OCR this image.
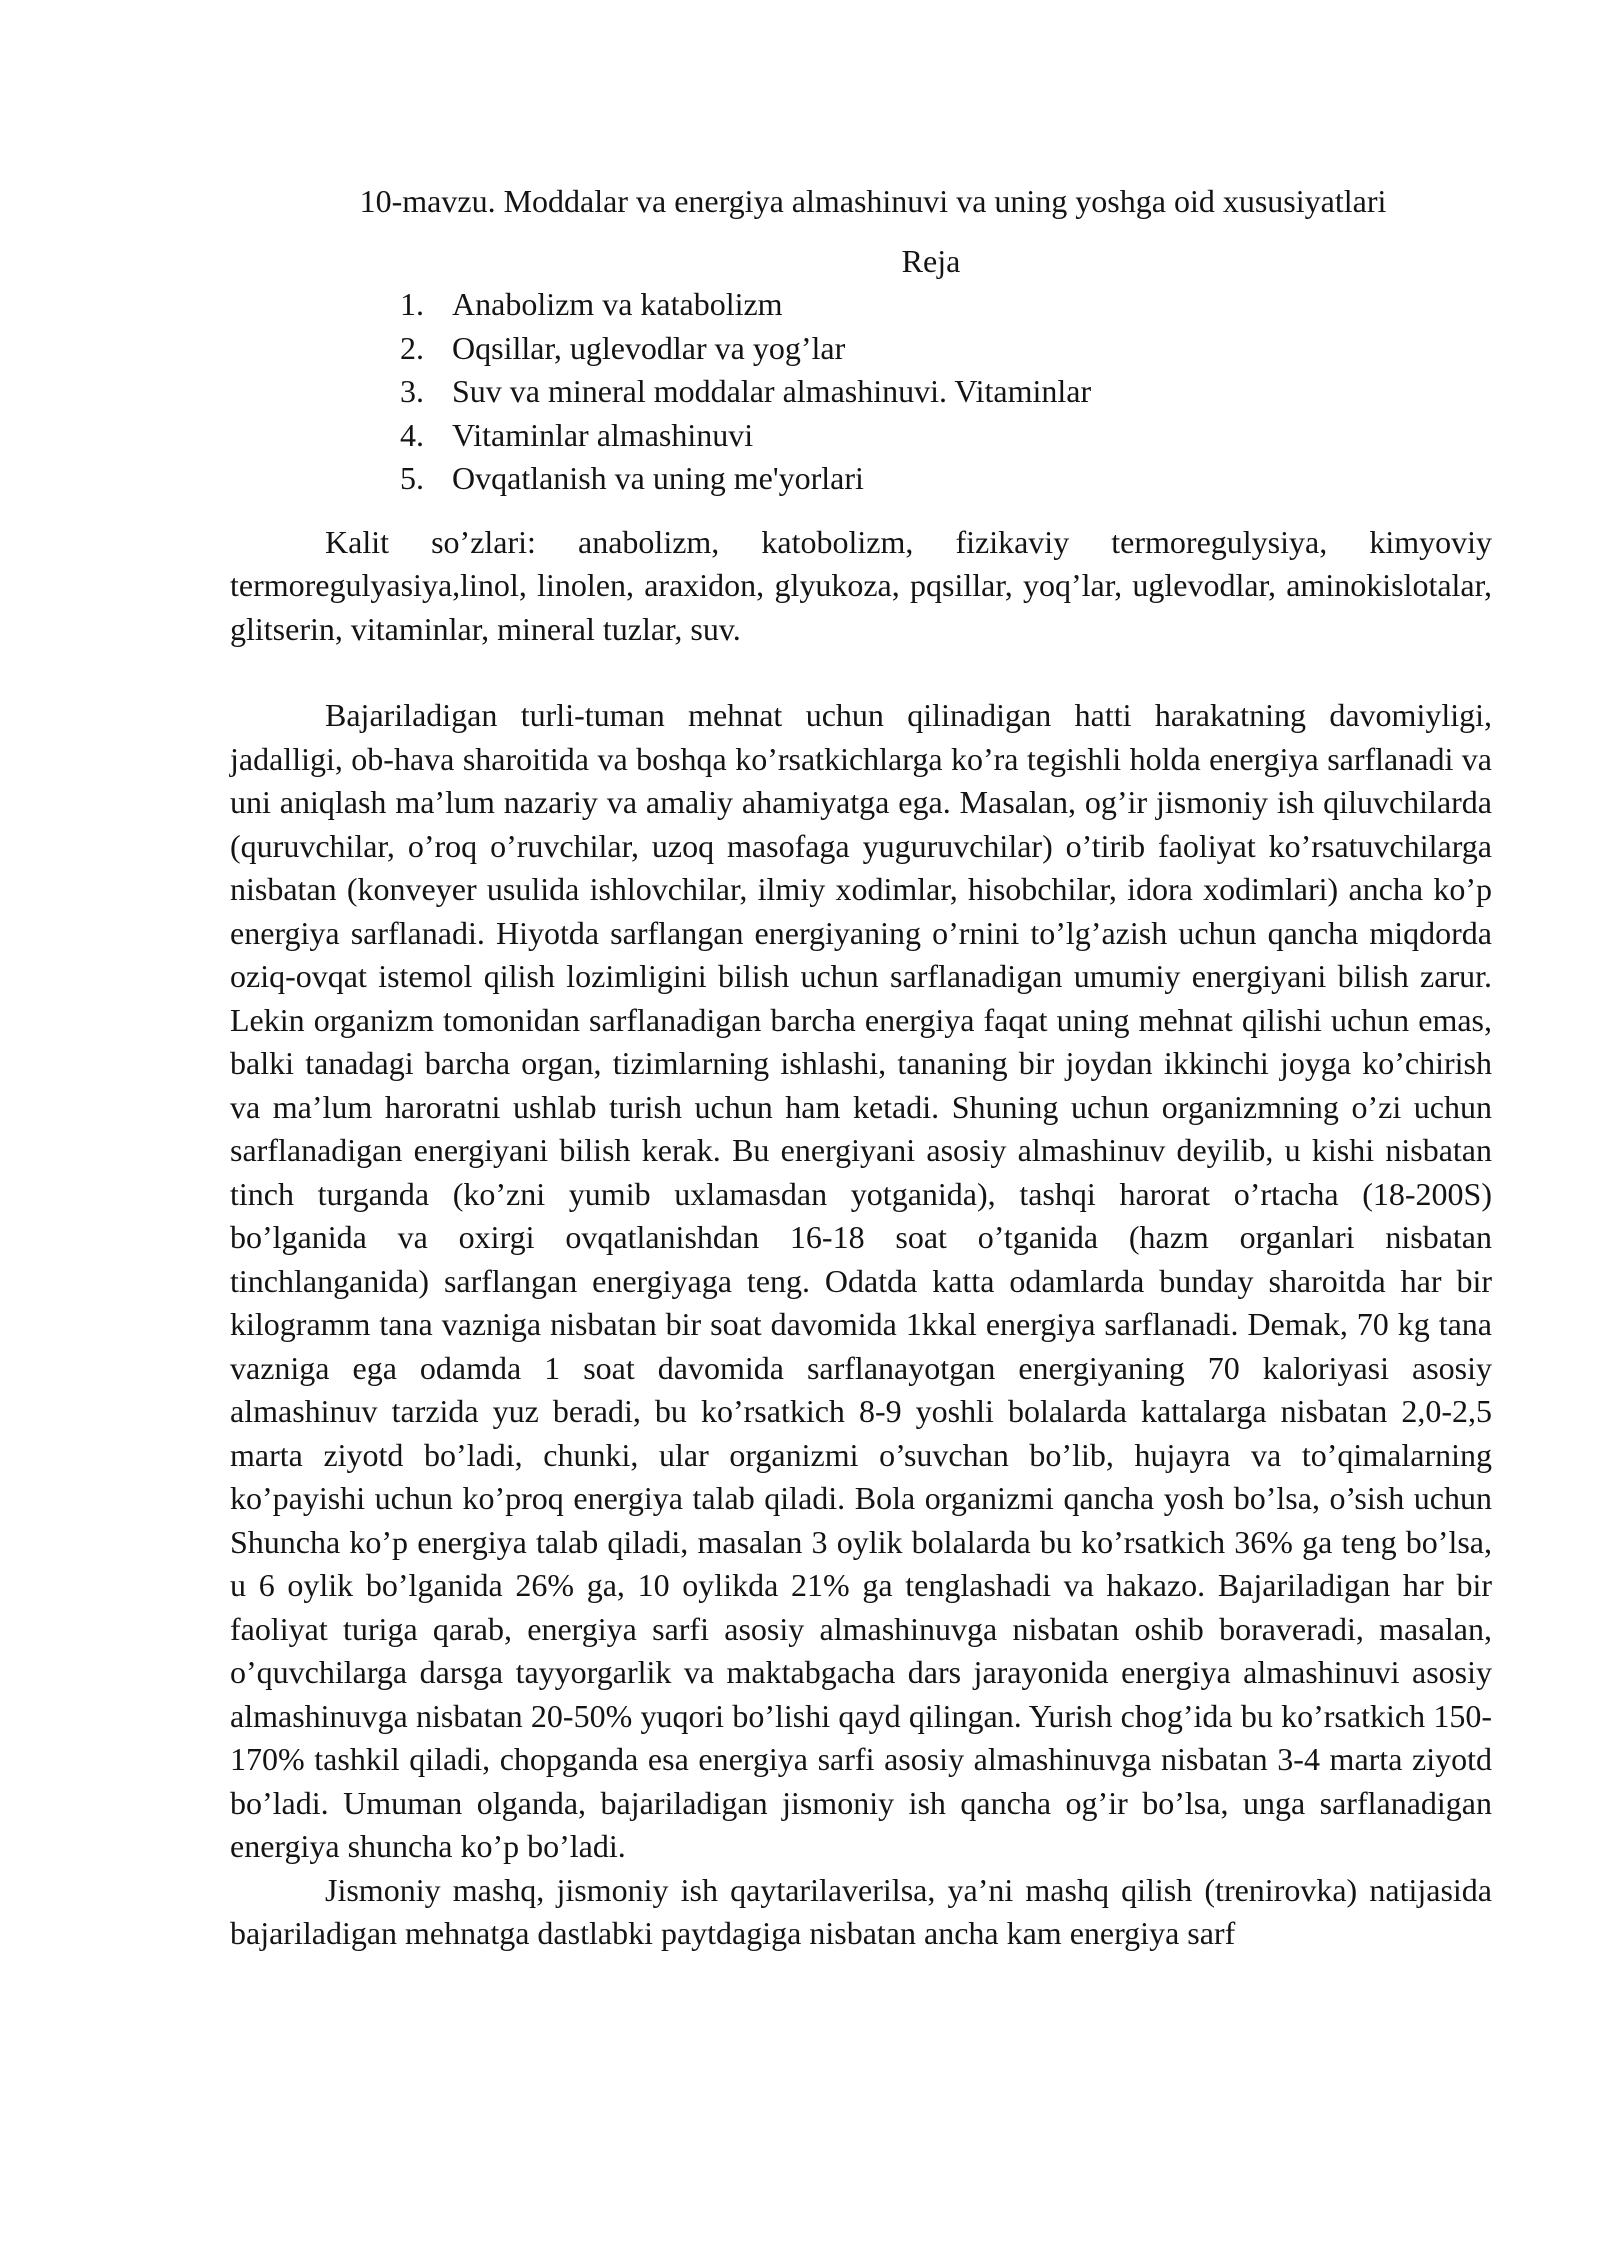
10-mavzu. Moddalar va energiya almashinuvi va uning yoshga oid xususiyatlari
Reja
1. Anabolizm va katabolizm
2. Oqsillar, uglevodlar va yog’lar
3. Suv va mineral moddalar almashinuvi. Vitaminlar
4. Vitaminlar almashinuvi
5. Ovqatlanish va uning me'yorlari

Kalit so’zlari: anabolizm, katobolizm, fizikaviy termoregulysiya, kimyoviy termoregulyasiya,linol, linolen, araxidon, glyukoza, pqsillar, yoq’lar, uglevodlar, aminokislotalar, glitserin, vitaminlar, mineral tuzlar, suv.

Bajariladigan turli-tuman mehnat uchun qilinadigan hatti harakatning davomiyligi, jadalligi, ob-hava sharoitida va boshqa ko’rsatkichlarga ko’ra tegishli holda energiya sarflanadi va uni aniqlash ma’lum nazariy va amaliy ahamiyatga ega. Masalan, og’ir jismoniy ish qiluvchilarda (quruvchilar, o’roq o’ruvchilar, uzoq masofaga yuguruvchilar) o’tirib faoliyat ko’rsatuvchilarga nisbatan (konveyer usulida ishlovchilar, ilmiy xodimlar, hisobchilar, idora xodimlari) ancha ko’p energiya sarflanadi. Hiyotda sarflangan energiyaning o’rnini to’lg’azish uchun qancha miqdorda oziq-ovqat istemol qilish lozimligini bilish uchun sarflanadigan umumiy energiyani bilish zarur. Lekin organizm tomonidan sarflanadigan barcha energiya faqat uning mehnat qilishi uchun emas, balki tanadagi barcha organ, tizimlarning ishlashi, tananing bir joydan ikkinchi joyga ko’chirish va ma’lum haroratni ushlab turish uchun ham ketadi. Shuning uchun organizmning o’zi uchun sarflanadigan energiyani bilish kerak. Bu energiyani asosiy almashinuv deyilib, u kishi nisbatan tinch turganda (ko’zni yumib uxlamasdan yotganida), tashqi harorat o’rtacha (18-200S) bo’lganida va oxirgi ovqatlanishdan 16-18 soat o’tganida (hazm organlari nisbatan tinchlanganida) sarflangan energiyaga teng. Odatda katta odamlarda bunday sharoitda har bir kilogramm tana vazniga nisbatan bir soat davomida 1kkal energiya sarflanadi. Demak, 70 kg tana vazniga ega odamda 1 soat davomida sarflanayotgan energiyaning 70 kaloriyasi asosiy almashinuv tarzida yuz beradi, bu ko’rsatkich 8-9 yoshli bolalarda kattalarga nisbatan 2,0-2,5 marta ziyotd bo’ladi, chunki, ular organizmi o’suvchan bo’lib, hujayra va to’qimalarning ko’payishi uchun ko’proq energiya talab qiladi. Bola organizmi qancha yosh bo’lsa, o’sish uchun Shuncha ko’p energiya talab qiladi, masalan 3 oylik bolalarda bu ko’rsatkich 36% ga teng bo’lsa, u 6 oylik bo’lganida 26% ga, 10 oylikda 21% ga tenglashadi va hakazo. Bajariladigan har bir faoliyat turiga qarab, energiya sarfi asosiy almashinuvga nisbatan oshib boraveradi, masalan, o’quvchilarga darsga tayyorgarlik va maktabgacha dars jarayonida energiya almashinuvi asosiy almashinuvga nisbatan 20-50% yuqori bo’lishi qayd qilingan. Yurish chog’ida bu ko’rsatkich 150-170% tashkil qiladi, chopganda esa energiya sarfi asosiy almashinuvga nisbatan 3-4 marta ziyotd bo’ladi. Umuman olganda, bajariladigan jismoniy ish qancha og’ir bo’lsa, unga sarflanadigan energiya shuncha ko’p bo’ladi.

Jismoniy mashq, jismoniy ish qaytarilaverilsa, ya’ni mashq qilish (trenirovka) natijasida bajariladigan mehnatga dastlabki paytdagiga nisbatan ancha kam energiya sarf
